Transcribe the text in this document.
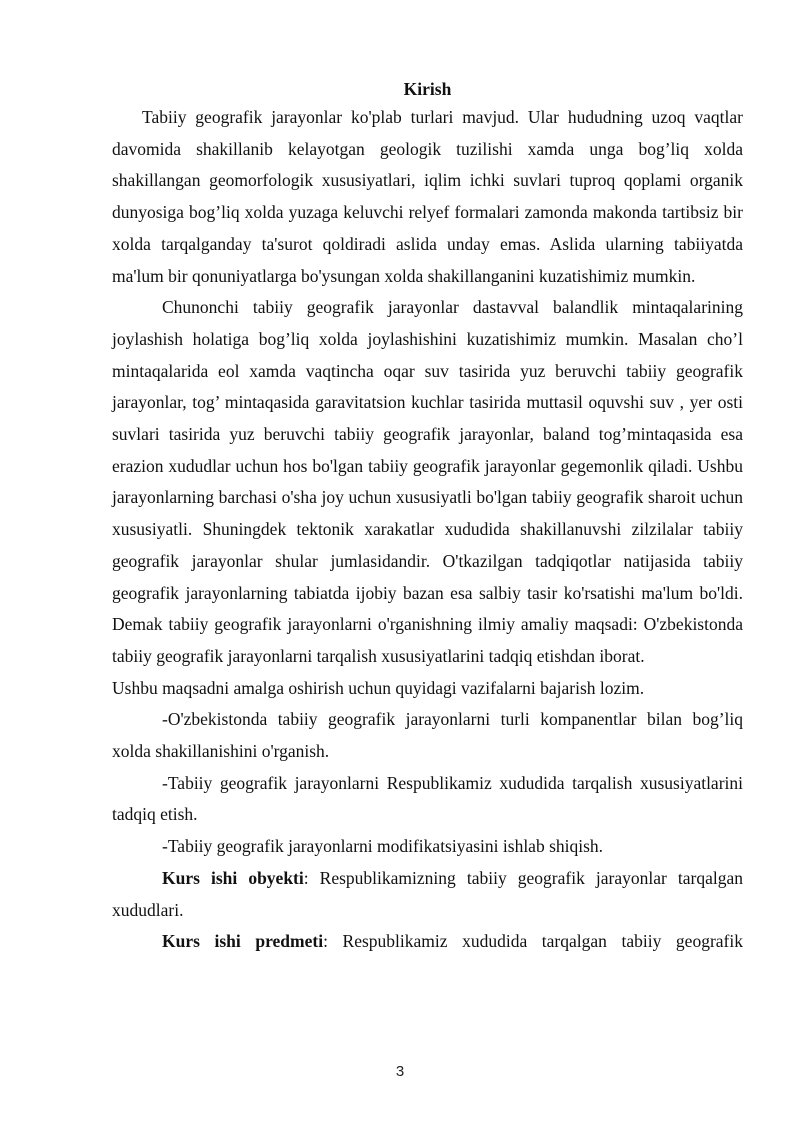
Kirish

Tabiiy geografik jarayonlar ko'plab turlari mavjud. Ular hududning uzoq vaqtlar davomida shakillanib kelayotgan geologik tuzilishi xamda unga bog’liq xolda shakillangan geomorfologik xususiyatlari, iqlim ichki suvlari tuproq qoplami organik dunyosiga bog’liq xolda yuzaga keluvchi relyef formalari zamonda makonda tartibsiz bir xolda tarqalganday ta'surot qoldiradi aslida unday emas. Aslida ularning tabiiyatda ma'lum bir qonuniyatlarga bo'ysungan xolda shakillanganini kuzatishimiz mumkin.

Chunonchi tabiiy geografik jarayonlar dastavval balandlik mintaqalarining joylashish holatiga bog’liq xolda joylashishini kuzatishimiz mumkin. Masalan cho’l mintaqalarida eol xamda vaqtincha oqar suv tasirida yuz beruvchi tabiiy geografik jarayonlar, tog’ mintaqasida garavitatsion kuchlar tasirida muttasil oquvshi suv , yer osti suvlari tasirida yuz beruvchi tabiiy geografik jarayonlar, baland tog’mintaqasida esa erazion xududlar uchun hos bo'lgan tabiiy geografik jarayonlar gegemonlik qiladi. Ushbu jarayonlarning barchasi o'sha joy uchun xususiyatli bo'lgan tabiiy geografik sharoit uchun xususiyatli. Shuningdek tektonik xarakatlar xududida shakillanuvshi zilzilalar tabiiy geografik jarayonlar shular jumlasidandir. O'tkazilgan tadqiqotlar natijasida tabiiy geografik jarayonlarning tabiatda ijobiy bazan esa salbiy tasir ko'rsatishi ma'lum bo'ldi. Demak tabiiy geografik jarayonlarni o'rganishning ilmiy amaliy maqsadi: O'zbekistonda tabiiy geografik jarayonlarni tarqalish xususiyatlarini tadqiq etishdan iborat.

Ushbu maqsadni amalga oshirish uchun quyidagi vazifalarni bajarish lozim.

-O'zbekistonda tabiiy geografik jarayonlarni turli kompanentlar bilan bog’liq xolda shakillanishini o'rganish.

-Tabiiy geografik jarayonlarni Respublikamiz xududida tarqalish xususiyatlarini tadqiq etish.

-Tabiiy geografik jarayonlarni modifikatsiyasini ishlab shiqish.

Kurs ishi obyekti: Respublikamizning tabiiy geografik jarayonlar tarqalgan xududlari.

Kurs ishi predmeti: Respublikamiz xududida tarqalgan tabiiy geografik

3
